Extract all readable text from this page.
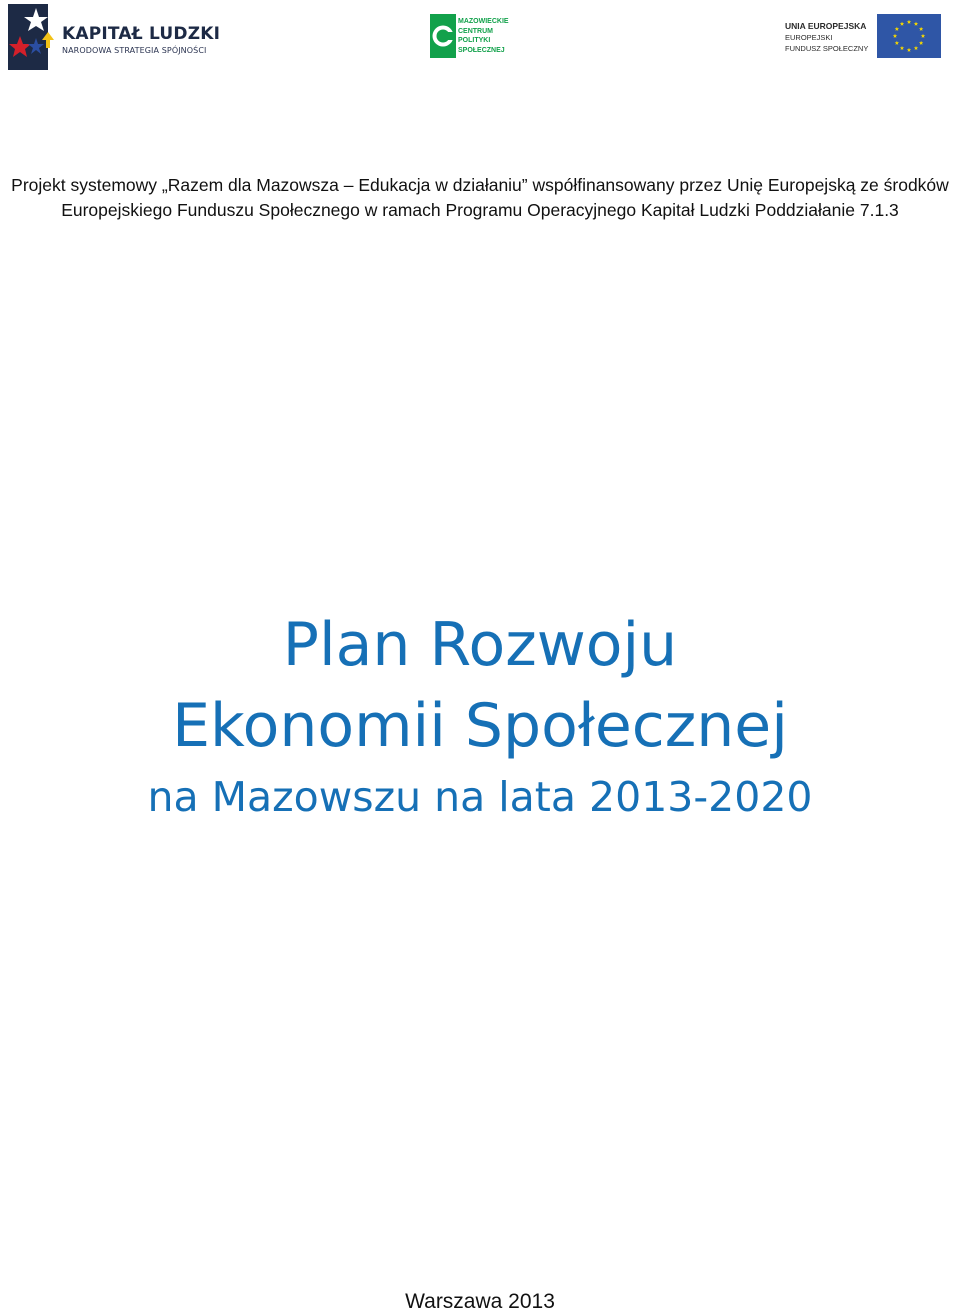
KAPITAŁ LUDZKI
NARODOWA STRATEGIA SPÓJNOŚCI
MAZOWIECKIE
CENTRUM
POLITYKI
SPOŁECZNEJ
UNIA EUROPEJSKA
EUROPEJSKI
FUNDUSZ SPOŁECZNY

Projekt systemowy „Razem dla Mazowsza – Edukacja w działaniu” współfinansowany przez Unię Europejską ze środków Europejskiego Funduszu Społecznego w ramach Programu Operacyjnego Kapitał Ludzki Poddziałanie 7.1.3

Plan Rozwoju
Ekonomii Społecznej
na Mazowszu na lata 2013-2020
Warszawa 2013
